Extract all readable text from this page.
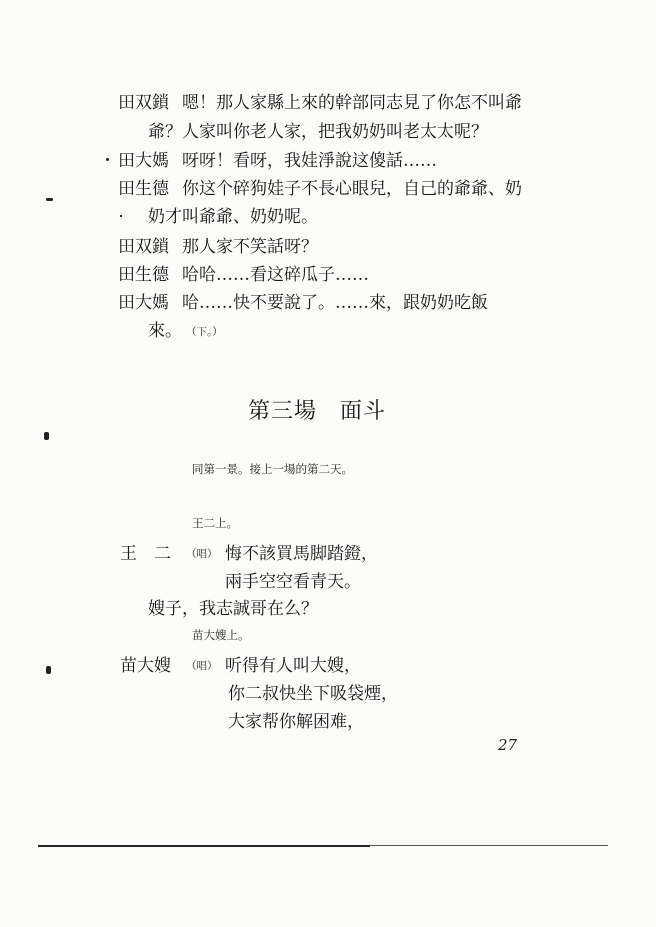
田双鎖 嗯！那人家縣上來的幹部同志見了你怎不叫爺
爺？人家叫你老人家，把我奶奶叫老太太呢？
田大媽 呀呀！看呀，我娃淨說这傻話……
田生德 你这个碎狗娃子不長心眼兒，自己的爺爺、奶
奶才叫爺爺、奶奶呢。
田双鎖 那人家不笑話呀？
田生德 哈哈……看这碎瓜子……
田大媽 哈……快不要說了。……來，跟奶奶吃飯
來。 （下。）
第三場　面斗
同第一景。接上一場的第二天。
王二上。
王　二 （唱） 悔不該買馬脚踏鐙，
兩手空空看青天。
嫂子，我志誠哥在么？
苗大嫂上。
苗大嫂 （唱） 听得有人叫大嫂，
你二叔快坐下吸袋煙，
大家帮你解困难，
27
